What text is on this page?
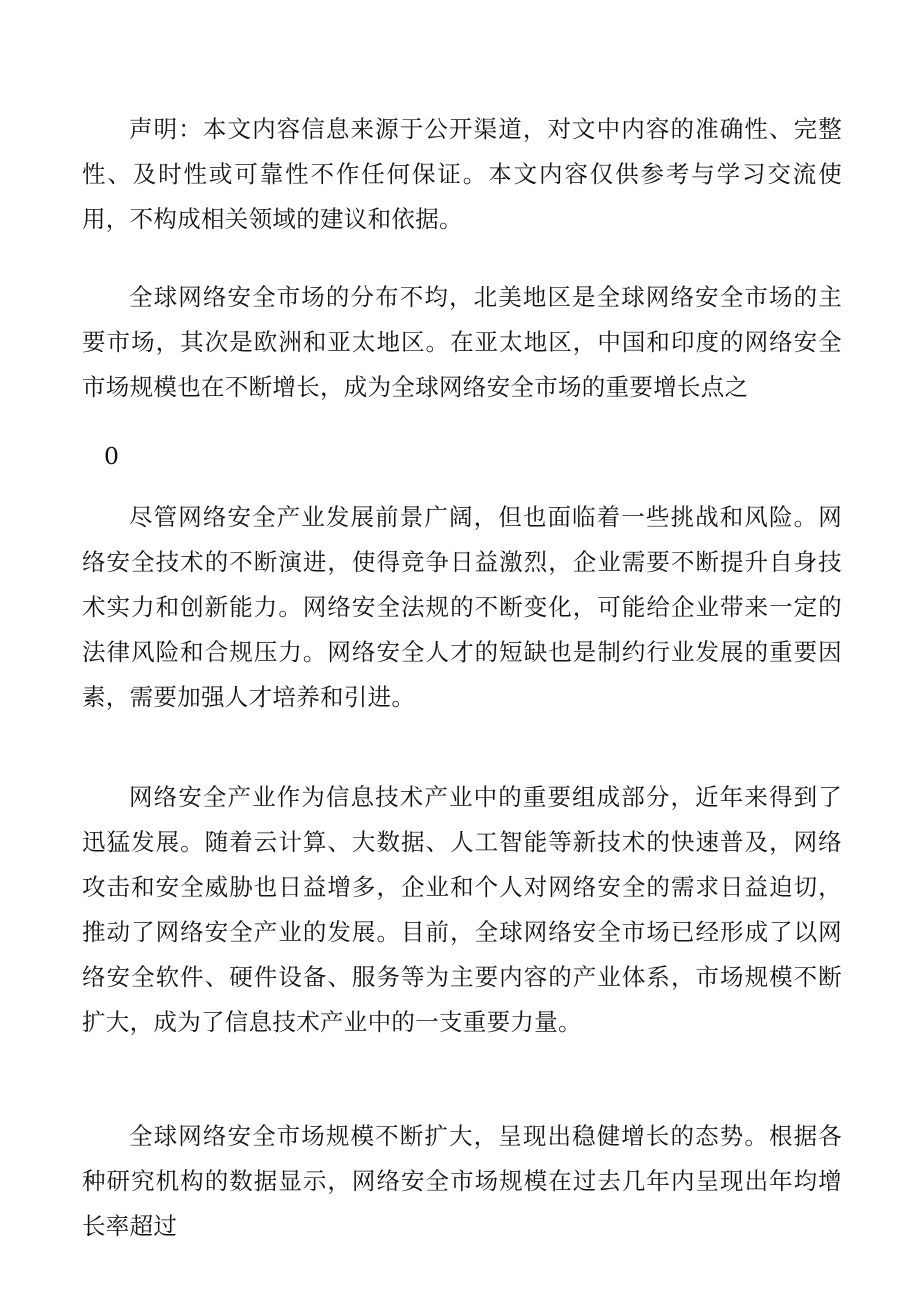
声明：本文内容信息来源于公开渠道，对文中内容的准确性、完整性、及时性或可靠性不作任何保证。本文内容仅供参考与学习交流使用，不构成相关领域的建议和依据。

全球网络安全市场的分布不均，北美地区是全球网络安全市场的主要市场，其次是欧洲和亚太地区。在亚太地区，中国和印度的网络安全市场规模也在不断增长，成为全球网络安全市场的重要增长点之

0

尽管网络安全产业发展前景广阔，但也面临着一些挑战和风险。网络安全技术的不断演进，使得竞争日益激烈，企业需要不断提升自身技术实力和创新能力。网络安全法规的不断变化，可能给企业带来一定的法律风险和合规压力。网络安全人才的短缺也是制约行业发展的重要因素，需要加强人才培养和引进。

网络安全产业作为信息技术产业中的重要组成部分，近年来得到了迅猛发展。随着云计算、大数据、人工智能等新技术的快速普及，网络攻击和安全威胁也日益增多，企业和个人对网络安全的需求日益迫切，推动了网络安全产业的发展。目前，全球网络安全市场已经形成了以网络安全软件、硬件设备、服务等为主要内容的产业体系，市场规模不断扩大，成为了信息技术产业中的一支重要力量。

全球网络安全市场规模不断扩大，呈现出稳健增长的态势。根据各种研究机构的数据显示，网络安全市场规模在过去几年内呈现出年均增长率超过
